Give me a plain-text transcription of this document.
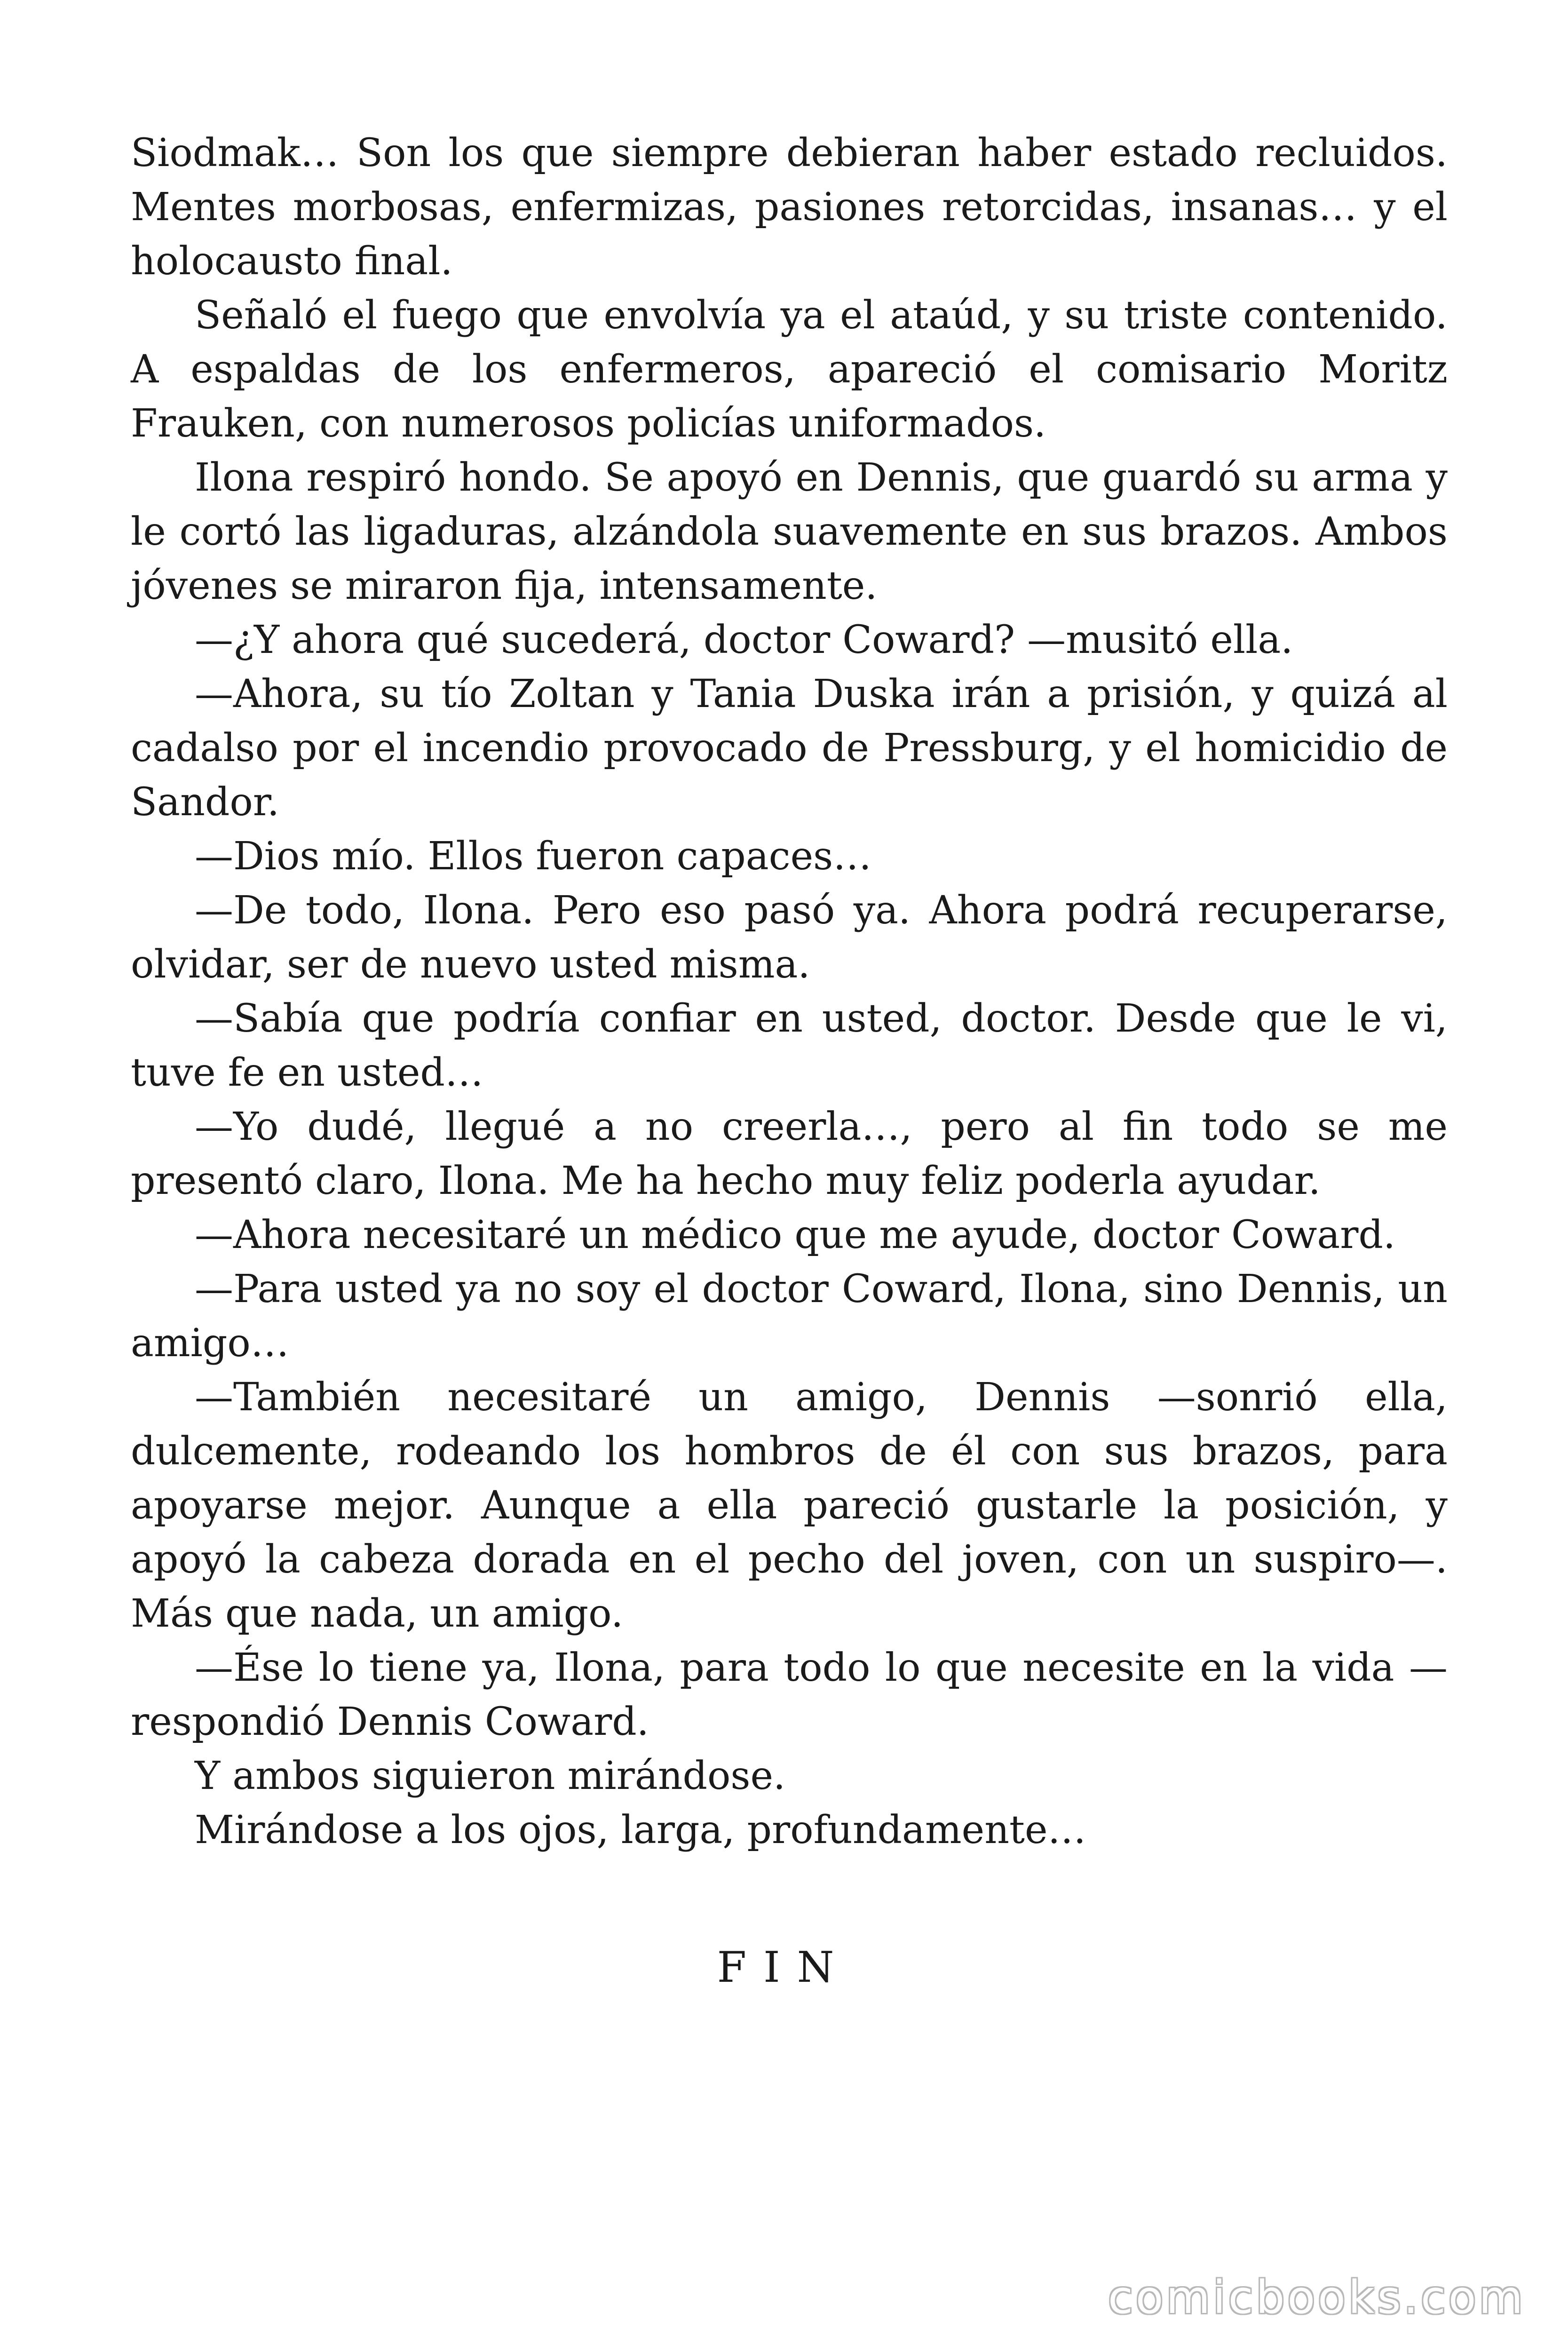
Siodmak… Son los que siempre debieran haber estado recluidos. Mentes morbosas, enfermizas, pasiones retorcidas, insanas… y el holocausto final.

Señaló el fuego que envolvía ya el ataúd, y su triste contenido. A espaldas de los enfermeros, apareció el comisario Moritz Frauken, con numerosos policías uniformados.

Ilona respiró hondo. Se apoyó en Dennis, que guardó su arma y le cortó las ligaduras, alzándola suavemente en sus brazos. Ambos jóvenes se miraron fija, intensamente.

—¿Y ahora qué sucederá, doctor Coward? —musitó ella.

—Ahora, su tío Zoltan y Tania Duska irán a prisión, y quizá al cadalso por el incendio provocado de Pressburg, y el homicidio de Sandor.

—Dios mío. Ellos fueron capaces…

—De todo, Ilona. Pero eso pasó ya. Ahora podrá recuperarse, olvidar, ser de nuevo usted misma.

—Sabía que podría confiar en usted, doctor. Desde que le vi, tuve fe en usted…

—Yo dudé, llegué a no creerla…, pero al fin todo se me presentó claro, Ilona. Me ha hecho muy feliz poderla ayudar.

—Ahora necesitaré un médico que me ayude, doctor Coward.

—Para usted ya no soy el doctor Coward, Ilona, sino Dennis, un amigo…

—También necesitaré un amigo, Dennis —sonrió ella, dulcemente, rodeando los hombros de él con sus brazos, para apoyarse mejor. Aunque a ella pareció gustarle la posición, y apoyó la cabeza dorada en el pecho del joven, con un suspiro—. Más que nada, un amigo.

—Ése lo tiene ya, Ilona, para todo lo que necesite en la vida —respondió Dennis Coward.

Y ambos siguieron mirándose.

Mirándose a los ojos, larga, profundamente…

FIN

comicbooks.com
